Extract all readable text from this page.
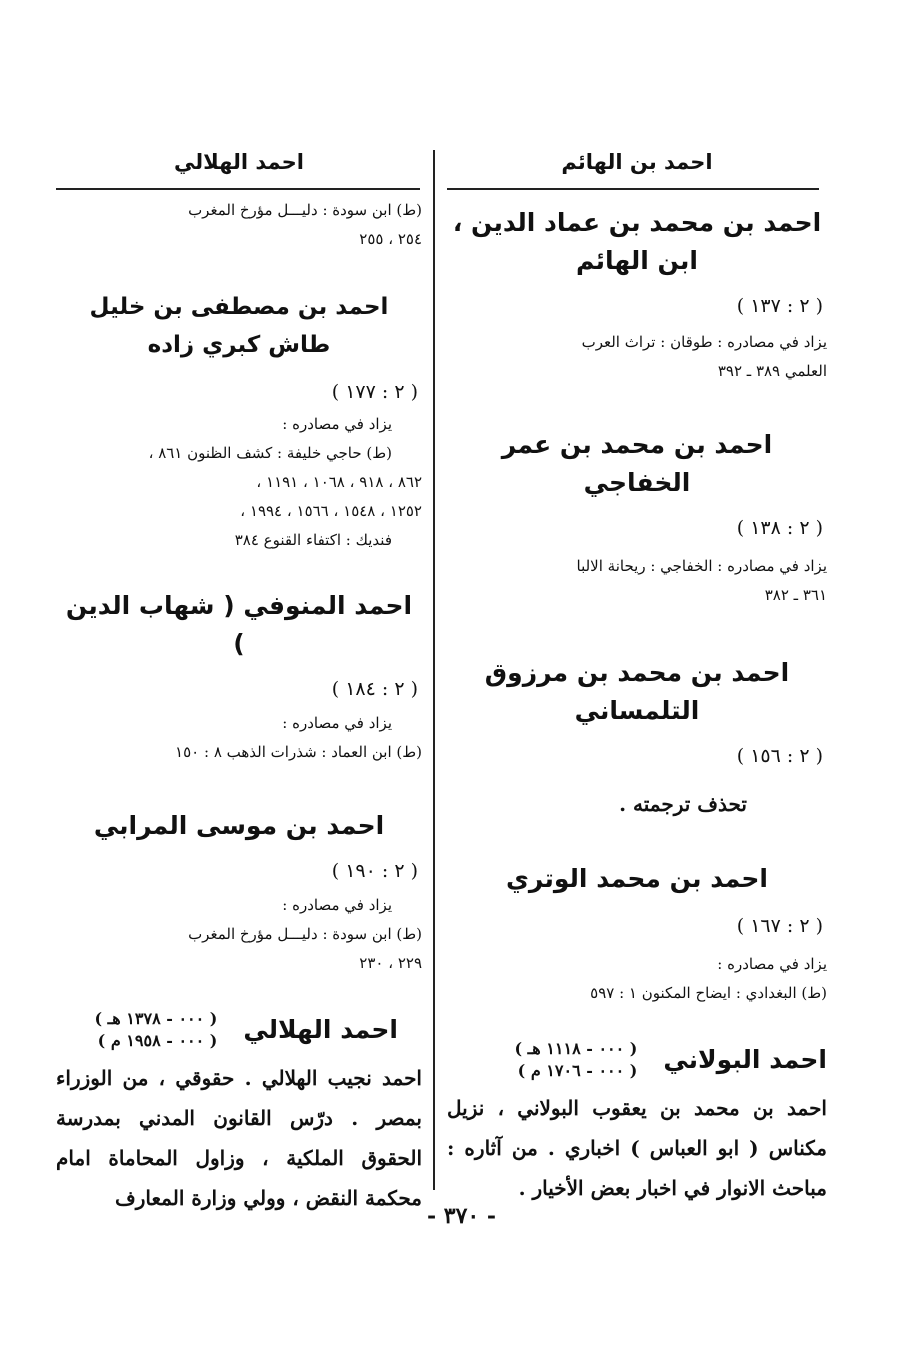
احمد بن الهائم
احمد الهلالي
احمد بن محمد بن عماد الدين ، ابن الهائم
( ٢ : ١٣٧ )
يزاد في مصادره : طوقان : تراث العرب
العلمي ٣٨٩ ـ ٣٩٢
احمد بن محمد بن عمر الخفاجي
( ٢ : ١٣٨ )
يزاد في مصادره : الخفاجي : ريحانة الالبا
٣٦١ ـ ٣٨٢
احمد بن محمد بن مرزوق التلمساني
( ٢ : ١٥٦ )
تحذف ترجمته .
احمد بن محمد الوتري
( ٢ : ١٦٧ )
يزاد في مصادره :
(ط) البغدادي : ايضاح المكنون ١ : ٥٩٧
احمد البولاني
( ٠٠٠ - ١١١٨ هـ )
( ٠٠٠ - ١٧٠٦ م )
احمد بن محمد بن يعقوب البولاني ، نزيل مكناس ( ابو العباس ) اخباري . من آثاره : مباحث الانوار في اخبار بعض الأخيار .
(ط) ابن سودة : دليـــل مؤرخ المغرب
٢٥٤ ، ٢٥٥
احمد بن مصطفى بن خليل طاش كبري زاده
( ٢ : ١٧٧ )
يزاد في مصادره :
(ط) حاجي خليفة : كشف الظنون ٨٦١ ،
٨٦٢ ، ٩١٨ ، ١٠٦٨ ، ١١٩١ ،
١٢٥٢ ، ١٥٤٨ ، ١٥٦٦ ، ١٩٩٤ ،
فنديك : اكتفاء القنوع ٣٨٤
احمد المنوفي ( شهاب الدين )
( ٢ : ١٨٤ )
يزاد في مصادره :
(ط) ابن العماد : شذرات الذهب ٨ : ١٥٠
احمد بن موسى المرابي
( ٢ : ١٩٠ )
يزاد في مصادره :
(ط) ابن سودة : دليـــل مؤرخ المغرب
٢٢٩ ، ٢٣٠
احمد الهلالي
( ٠٠٠ - ١٣٧٨ هـ )
( ٠٠٠ - ١٩٥٨ م )
احمد نجيب الهلالي . حقوقي ، من الوزراء بمصر . درّس القانون المدني بمدرسة الحقوق الملكية ، وزاول المحاماة امام محكمة النقض ، وولي وزارة المعارف
- ٣٧٠ -
